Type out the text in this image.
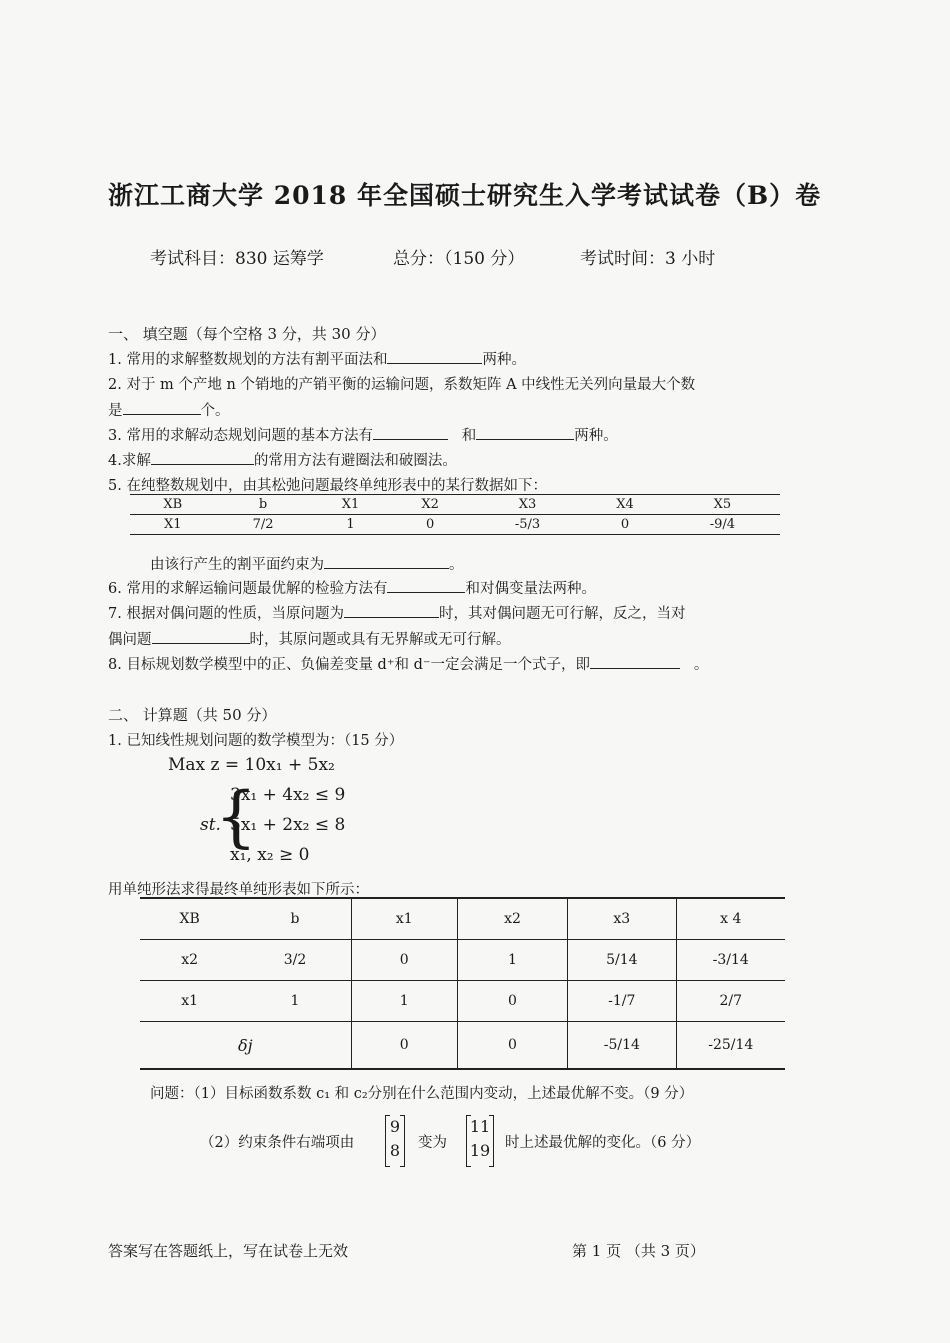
浙江工商大学 2018 年全国硕士研究生入学考试试卷（B）卷
考试科目：830 运筹学	总分：（150 分）	考试时间：3 小时
一、 填空题（每个空格 3 分，共 30 分）
1. 常用的求解整数规划的方法有割平面法和	两种。
2. 对于 m 个产地 n 个销地的产销平衡的运输问题，系数矩阵 A 中线性无关列向量最大个数
是	个。
3. 常用的求解动态规划问题的基本方法有	和	两种。
4.求解	的常用方法有避圈法和破圈法。
5. 在纯整数规划中，由其松弛问题最终单纯形表中的某行数据如下：
XB	b	X1	X2	X3	X4	X5
X1	7/2	1	0	-5/3	0	-9/4
由该行产生的割平面约束为	。
6. 常用的求解运输问题最优解的检验方法有	和对偶变量法两种。
7. 根据对偶问题的性质，当原问题为	时，其对偶问题无可行解，反之，当对
偶问题	时，其原问题或具有无界解或无可行解。
8. 目标规划数学模型中的正、负偏差变量 d⁺和 d⁻一定会满足一个式子，即	。
二、 计算题（共 50 分）
1. 已知线性规划问题的数学模型为：（15 分）
Max z = 10x₁ + 5x₂
st.
{
3x₁ + 4x₂ ≤ 9
5x₁ + 2x₂ ≤ 8
x₁, x₂ ≥ 0
用单纯形法求得最终单纯形表如下所示：
XB	b	x1	x2	x3	x 4
x2	3/2	0	1	5/14	-3/14
x1	1	1	0	-1/7	2/7
δj		0	0	-5/14	-25/14
问题：（1）目标函数系数 c₁ 和 c₂分别在什么范围内变动，上述最优解不变。（9 分）
（2）约束条件右端项由
9
8	变为
11
19 时上述最优解的变化。（6 分）
答案写在答题纸上，写在试卷上无效	第 1 页 （共 3 页）
